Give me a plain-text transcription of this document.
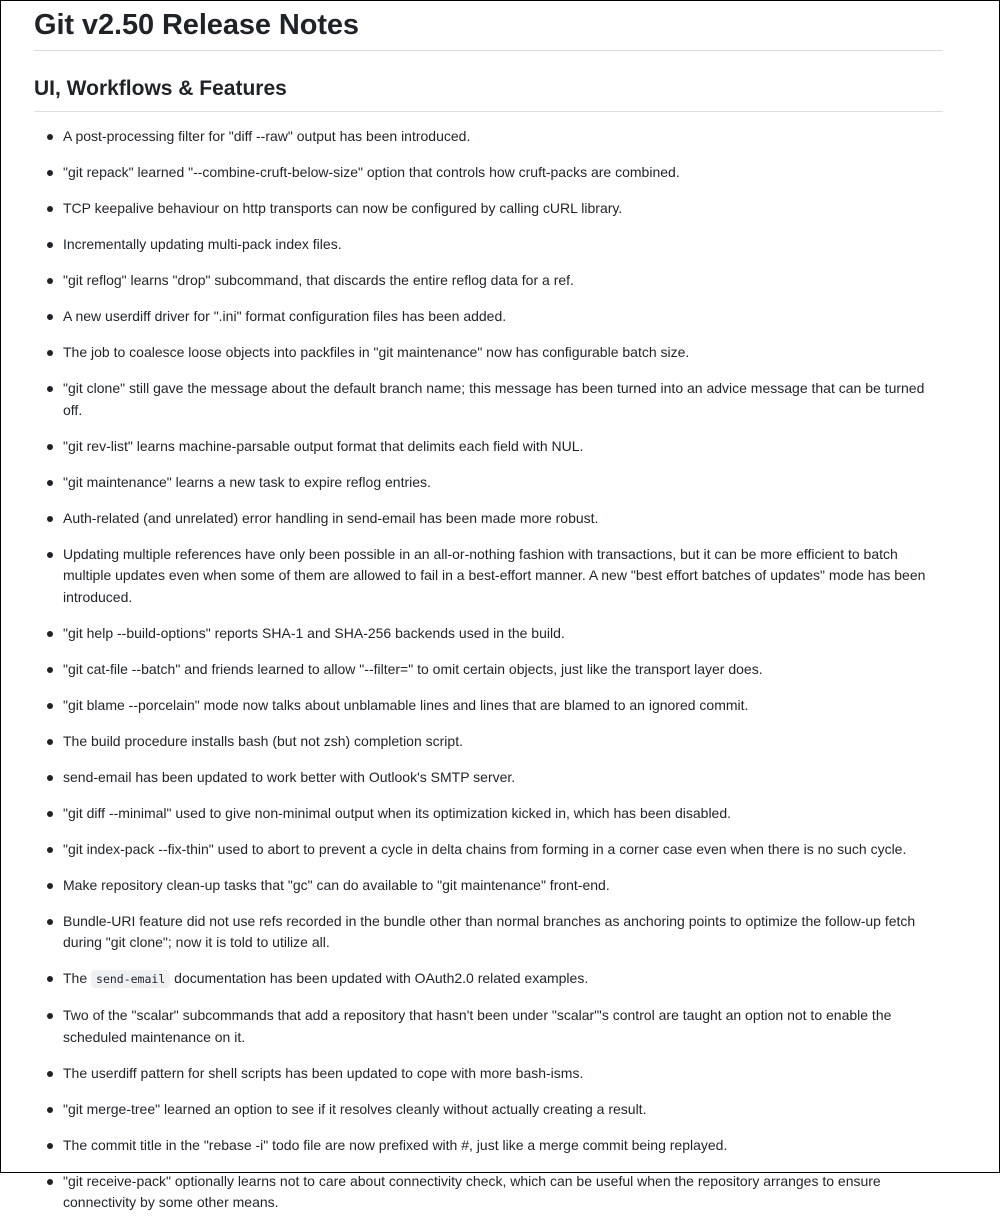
Git v2.50 Release Notes
UI, Workflows & Features
A post-processing filter for "diff --raw" output has been introduced.
"git repack" learned "--combine-cruft-below-size" option that controls how cruft-packs are combined.
TCP keepalive behaviour on http transports can now be configured by calling cURL library.
Incrementally updating multi-pack index files.
"git reflog" learns "drop" subcommand, that discards the entire reflog data for a ref.
A new userdiff driver for ".ini" format configuration files has been added.
The job to coalesce loose objects into packfiles in "git maintenance" now has configurable batch size.
"git clone" still gave the message about the default branch name; this message has been turned into an advice message that can be turned off.
"git rev-list" learns machine-parsable output format that delimits each field with NUL.
"git maintenance" learns a new task to expire reflog entries.
Auth-related (and unrelated) error handling in send-email has been made more robust.
Updating multiple references have only been possible in an all-or-nothing fashion with transactions, but it can be more efficient to batch multiple updates even when some of them are allowed to fail in a best-effort manner. A new "best effort batches of updates" mode has been introduced.
"git help --build-options" reports SHA-1 and SHA-256 backends used in the build.
"git cat-file --batch" and friends learned to allow "--filter=" to omit certain objects, just like the transport layer does.
"git blame --porcelain" mode now talks about unblamable lines and lines that are blamed to an ignored commit.
The build procedure installs bash (but not zsh) completion script.
send-email has been updated to work better with Outlook's SMTP server.
"git diff --minimal" used to give non-minimal output when its optimization kicked in, which has been disabled.
"git index-pack --fix-thin" used to abort to prevent a cycle in delta chains from forming in a corner case even when there is no such cycle.
Make repository clean-up tasks that "gc" can do available to "git maintenance" front-end.
Bundle-URI feature did not use refs recorded in the bundle other than normal branches as anchoring points to optimize the follow-up fetch during "git clone"; now it is told to utilize all.
The send-email documentation has been updated with OAuth2.0 related examples.
Two of the "scalar" subcommands that add a repository that hasn't been under "scalar"'s control are taught an option not to enable the scheduled maintenance on it.
The userdiff pattern for shell scripts has been updated to cope with more bash-isms.
"git merge-tree" learned an option to see if it resolves cleanly without actually creating a result.
The commit title in the "rebase -i" todo file are now prefixed with #, just like a merge commit being replayed.
"git receive-pack" optionally learns not to care about connectivity check, which can be useful when the repository arranges to ensure connectivity by some other means.
